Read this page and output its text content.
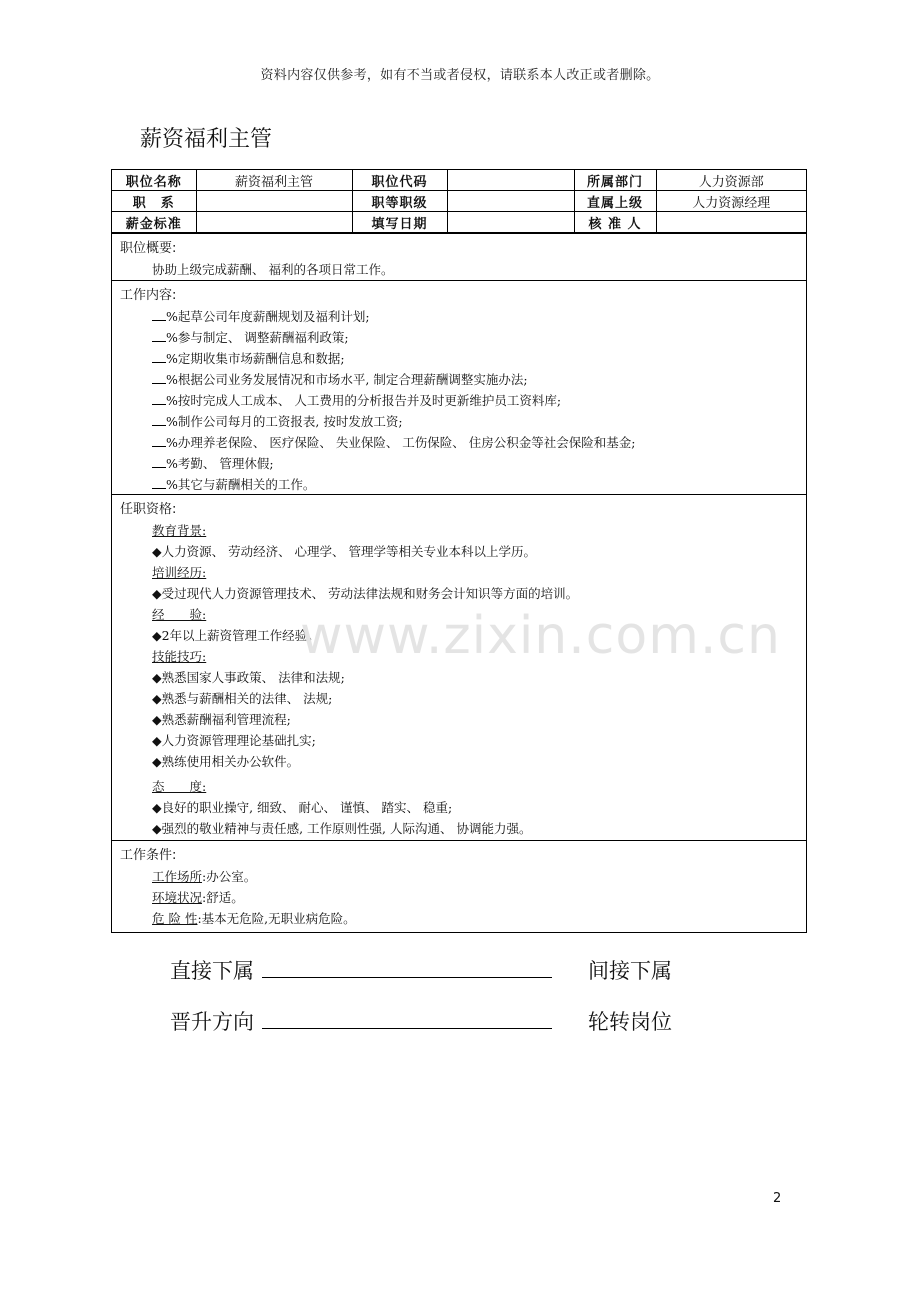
资料内容仅供参考，如有不当或者侵权，请联系本人改正或者删除。
薪资福利主管
职位名称	薪资福利主管	职位代码		所属部门	人力资源部
职　系		职等职级		直属上级	人力资源经理
薪金标准		填写日期		核 准 人	
职位概要:
协助上级完成薪酬、 福利的各项日常工作。
工作内容:
%起草公司年度薪酬规划及福利计划;
%参与制定、 调整薪酬福利政策;
%定期收集市场薪酬信息和数据;
%根据公司业务发展情况和市场水平, 制定合理薪酬调整实施办法;
%按时完成人工成本、 人工费用的分析报告并及时更新维护员工资料库;
%制作公司每月的工资报表, 按时发放工资;
%办理养老保险、 医疗保险、 失业保险、 工伤保险、 住房公积金等社会保险和基金;
%考勤、 管理休假;
%其它与薪酬相关的工作。
任职资格:
教育背景:
◆人力资源、 劳动经济、 心理学、 管理学等相关专业本科以上学历。
培训经历:
◆受过现代人力资源管理技术、 劳动法律法规和财务会计知识等方面的培训。
经　　验:
◆2年以上薪资管理工作经验。
技能技巧:
◆熟悉国家人事政策、 法律和法规;
◆熟悉与薪酬相关的法律、 法规;
◆熟悉薪酬福利管理流程;
◆人力资源管理理论基础扎实;
◆熟练使用相关办公软件。
态　　度:
◆良好的职业操守, 细致、 耐心、 谨慎、 踏实、 稳重;
◆强烈的敬业精神与责任感, 工作原则性强, 人际沟通、 协调能力强。
工作条件:
工作场所:办公室。
环境状况:舒适。
危 险 性:基本无危险,无职业病危险。
www.zixin.com.cn
直接下属	间接下属
晋升方向	轮转岗位
2
